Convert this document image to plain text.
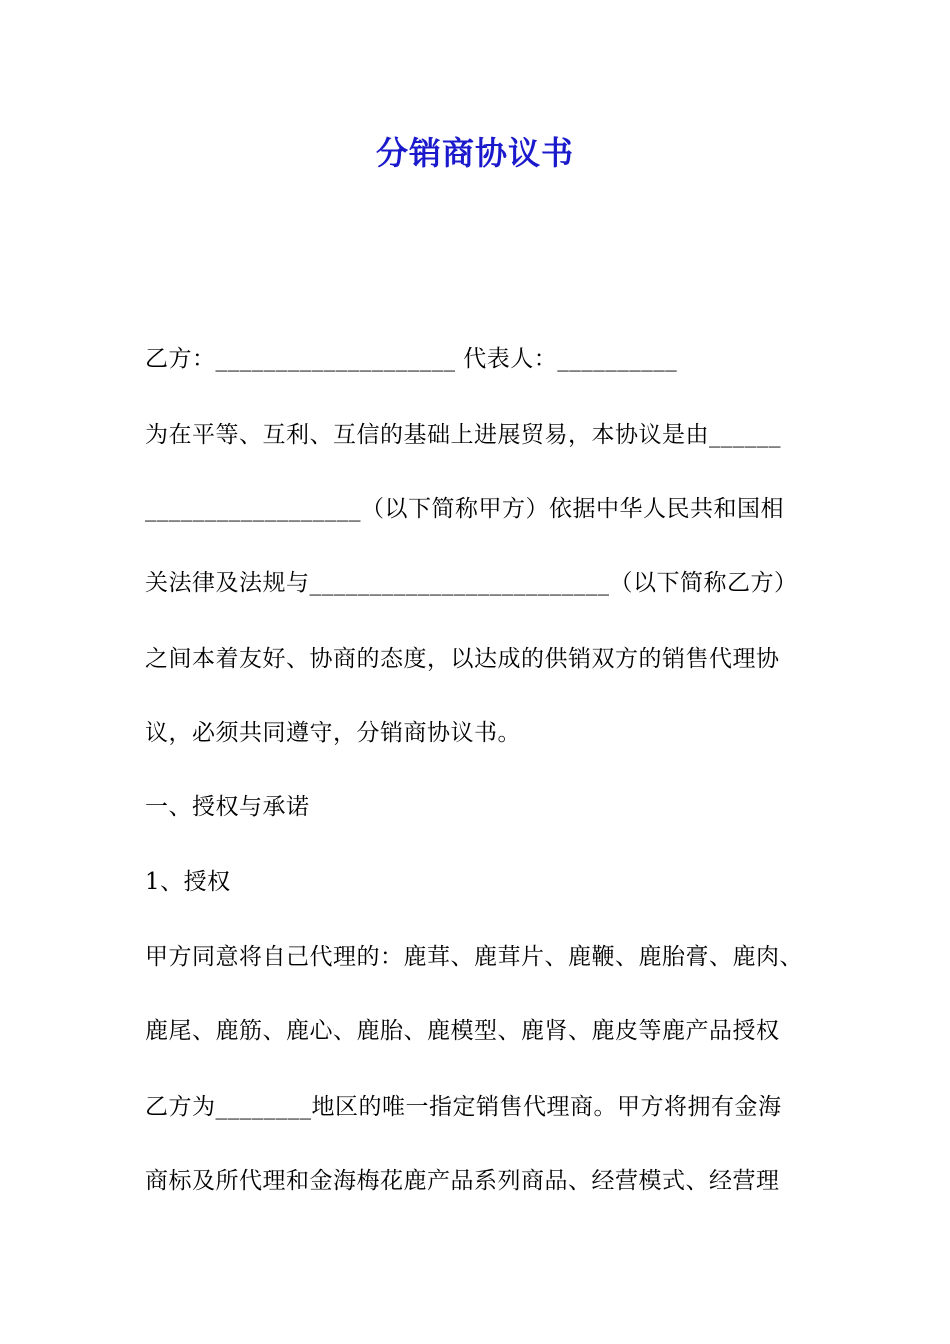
分销商协议书
乙方：____________________ 代表人：__________
为在平等、互利、互信的基础上进展贸易，本协议是由______
__________________（以下简称甲方）依据中华人民共和国相
关法律及法规与_________________________（以下简称乙方）
之间本着友好、协商的态度，以达成的供销双方的销售代理协
议，必须共同遵守，分销商协议书。
一、授权与承诺
1、授权
甲方同意将自己代理的：鹿茸、鹿茸片、鹿鞭、鹿胎膏、鹿肉、
鹿尾、鹿筋、鹿心、鹿胎、鹿模型、鹿肾、鹿皮等鹿产品授权
乙方为________地区的唯一指定销售代理商。甲方将拥有金海
商标及所代理和金海梅花鹿产品系列商品、经营模式、经营理
